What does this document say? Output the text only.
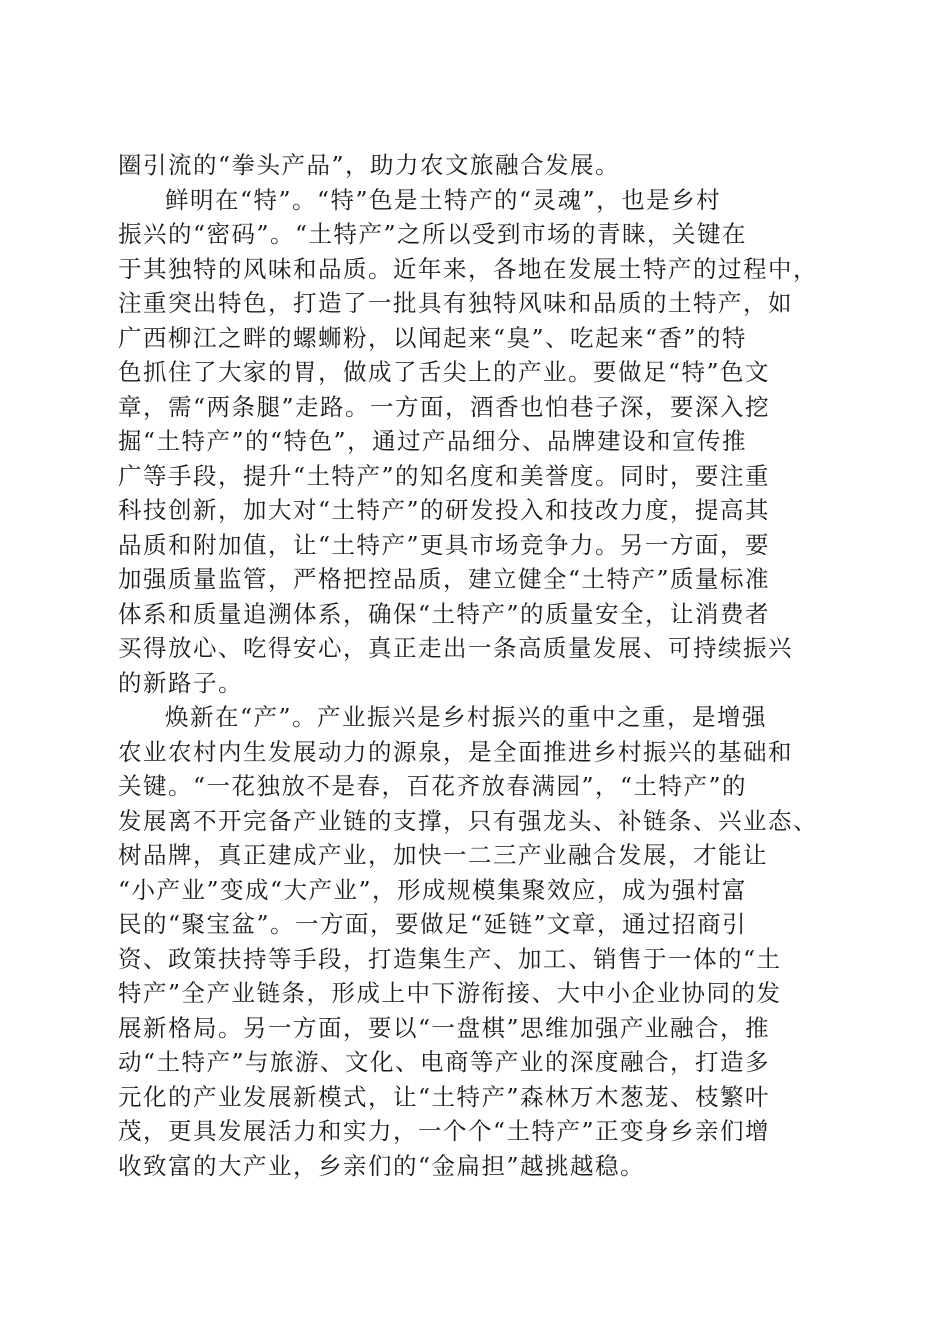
圈引流的“拳头产品”，助力农文旅融合发展。
鲜明在“特”。“特”色是土特产的“灵魂”，也是乡村
振兴的“密码”。“土特产”之所以受到市场的青睐，关键在
于其独特的风味和品质。近年来，各地在发展土特产的过程中，
注重突出特色，打造了一批具有独特风味和品质的土特产，如
广西柳江之畔的螺蛳粉，以闻起来“臭”、吃起来“香”的特
色抓住了大家的胃，做成了舌尖上的产业。要做足“特”色文
章，需“两条腿”走路。一方面，酒香也怕巷子深，要深入挖
掘“土特产”的“特色”，通过产品细分、品牌建设和宣传推
广等手段，提升“土特产”的知名度和美誉度。同时，要注重
科技创新，加大对“土特产”的研发投入和技改力度，提高其
品质和附加值，让“土特产”更具市场竞争力。另一方面，要
加强质量监管，严格把控品质，建立健全“土特产”质量标准
体系和质量追溯体系，确保“土特产”的质量安全，让消费者
买得放心、吃得安心，真正走出一条高质量发展、可持续振兴
的新路子。
焕新在“产”。产业振兴是乡村振兴的重中之重，是增强
农业农村内生发展动力的源泉，是全面推进乡村振兴的基础和
关键。“一花独放不是春，百花齐放春满园”，“土特产”的
发展离不开完备产业链的支撑，只有强龙头、补链条、兴业态、
树品牌，真正建成产业，加快一二三产业融合发展，才能让
“小产业”变成“大产业”，形成规模集聚效应，成为强村富
民的“聚宝盆”。一方面，要做足“延链”文章，通过招商引
资、政策扶持等手段，打造集生产、加工、销售于一体的“土
特产”全产业链条，形成上中下游衔接、大中小企业协同的发
展新格局。另一方面，要以“一盘棋”思维加强产业融合，推
动“土特产”与旅游、文化、电商等产业的深度融合，打造多
元化的产业发展新模式，让“土特产”森林万木葱茏、枝繁叶
茂，更具发展活力和实力，一个个“土特产”正变身乡亲们增
收致富的大产业，乡亲们的“金扁担”越挑越稳。
